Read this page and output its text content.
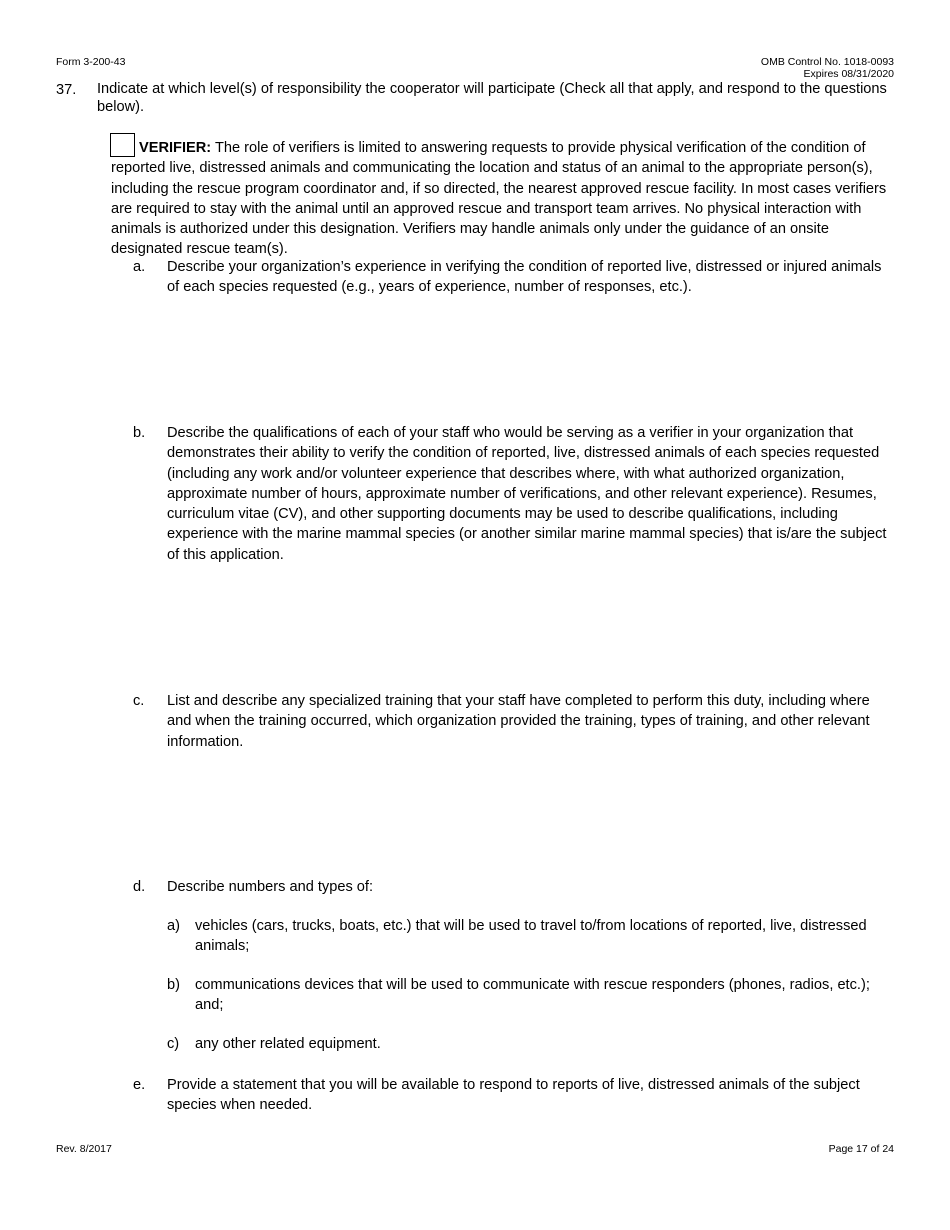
Form 3-200-43	OMB Control No. 1018-0093
Expires 08/31/2020
37. Indicate at which level(s) of responsibility the cooperator will participate (Check all that apply, and respond to the questions below).
VERIFIER: The role of verifiers is limited to answering requests to provide physical verification of the condition of reported live, distressed animals and communicating the location and status of an animal to the appropriate person(s), including the rescue program coordinator and, if so directed, the nearest approved rescue facility. In most cases verifiers are required to stay with the animal until an approved rescue and transport team arrives. No physical interaction with animals is authorized under this designation. Verifiers may handle animals only under the guidance of an onsite designated rescue team(s).
a.	Describe your organization’s experience in verifying the condition of reported live, distressed or injured animals of each species requested (e.g., years of experience, number of responses, etc.).
b.	Describe the qualifications of each of your staff who would be serving as a verifier in your organization that demonstrates their ability to verify the condition of reported, live, distressed animals of each species requested (including any work and/or volunteer experience that describes where, with what authorized organization, approximate number of hours, approximate number of verifications, and other relevant experience). Resumes, curriculum vitae (CV), and other supporting documents may be used to describe qualifications, including experience with the marine mammal species (or another similar marine mammal species) that is/are the subject of this application.
c.	List and describe any specialized training that your staff have completed to perform this duty, including where and when the training occurred, which organization provided the training, types of training, and other relevant information.
d.	Describe numbers and types of:
a)	vehicles (cars, trucks, boats, etc.) that will be used to travel to/from locations of reported, live, distressed animals;
b)	communications devices that will be used to communicate with rescue responders (phones, radios, etc.); and;
c)	any other related equipment.
e.	Provide a statement that you will be available to respond to reports of live, distressed animals of the subject species when needed.
Rev. 8/2017	Page 17 of 24
